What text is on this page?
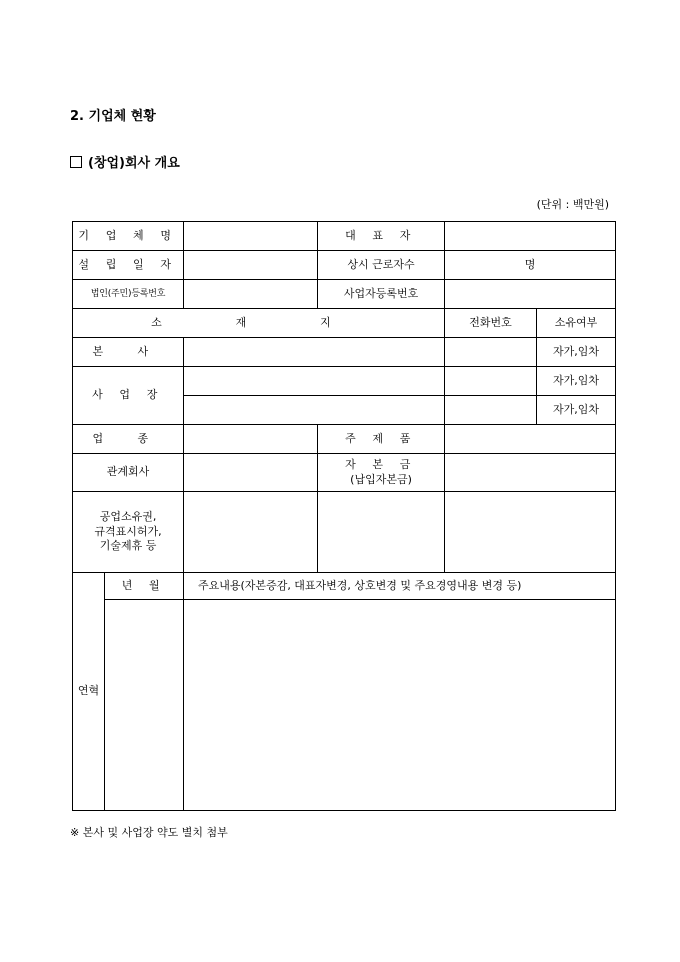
2. 기업체 현황
(창업)회사 개요
(단위 : 백만원)
기 업 체 명			대 표 자		
설 립 일 자			상시 근로자수	명	
법인(주민)등록번호			사업자등록번호		
소 재 지				전화번호	소유여부
본 사					자가,임차
사 업 장					자가,임차
					자가,임차
업 종			주 제 품		
관계회사			자 본 금
(납입자본금)		

공업소유권,
규격표시허가,
기술제휴 등					

연혁	년 월	주요내용(자본증감, 대표자변경, 상호변경 및 주요경영내용 변경 등)			

※ 본사 및 사업장 약도 별치 첨부
